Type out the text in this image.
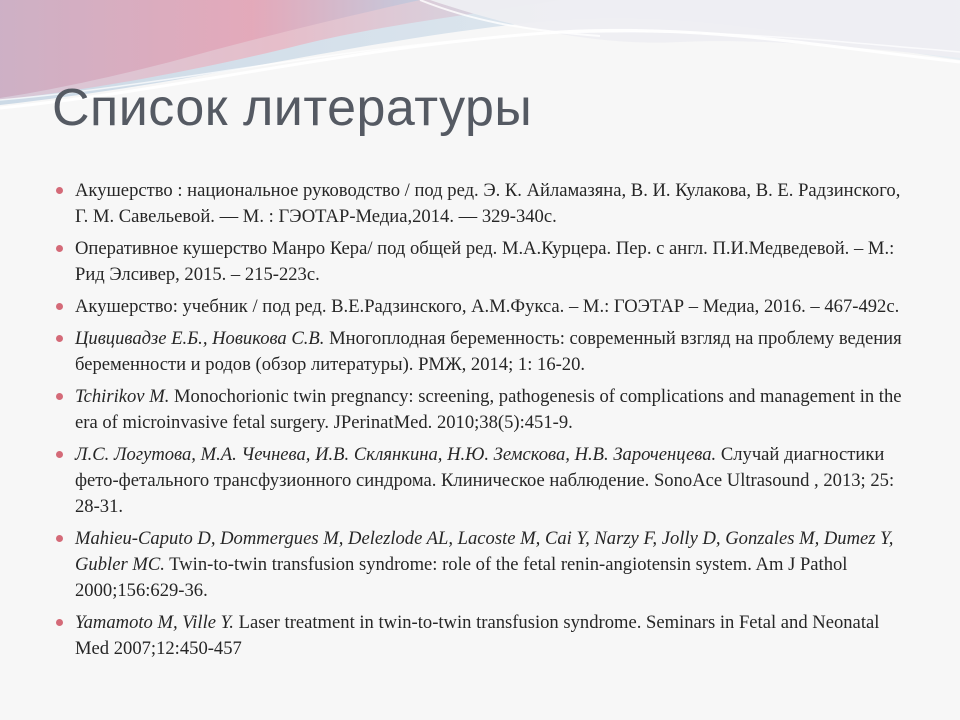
Список литературы
Акушерство : национальное руководство / под ред. Э. К. Айламазяна, В. И. Кулакова, В. Е. Радзинского, Г. М. Савельевой. — М. : ГЭОТАР-Медиа,2014. — 329-340с.
Оперативное кушерство Манро Кера/ под общей ред. М.А.Курцера. Пер. с англ. П.И.Медведевой. – М.: Рид Элсивер, 2015. – 215-223с.
Акушерство: учебник / под ред. В.Е.Радзинского, А.М.Фукса. – М.: ГОЭТАР – Медиа, 2016. – 467-492с.
Цивцивадзе Е.Б., Новикова С.В. Многоплодная беременность: современный взгляд на проблему ведения беременности и родов (обзор литературы). РМЖ, 2014; 1: 16-20.
Tchirikov M. Monochorionic twin pregnancy: screening, pathogenesis of complications and management in the era of microinvasive fetal surgery. JPerinatMed. 2010;38(5):451-9.
Л.С. Логутова, М.А. Чечнева, И.В. Склянкина, Н.Ю. Земскова, Н.В. Зароченцева. Случай диагностики фето-фетального трансфузионного синдрома. Клиническое наблюдение. SonoAce Ultrasound , 2013; 25: 28-31.
Mahieu-Caputo D, Dommergues M, Delezlode AL, Lacoste M, Cai Y, Narzy F, Jolly D, Gonzales M, Dumez Y, Gubler MC. Twin-to-twin transfusion syndrome: role of the fetal renin-angiotensin system. Am J Pathol 2000;156:629-36.
Yamamoto M, Ville Y. Laser treatment in twin-to-twin transfusion syndrome. Seminars in Fetal and Neonatal Med 2007;12:450-457
